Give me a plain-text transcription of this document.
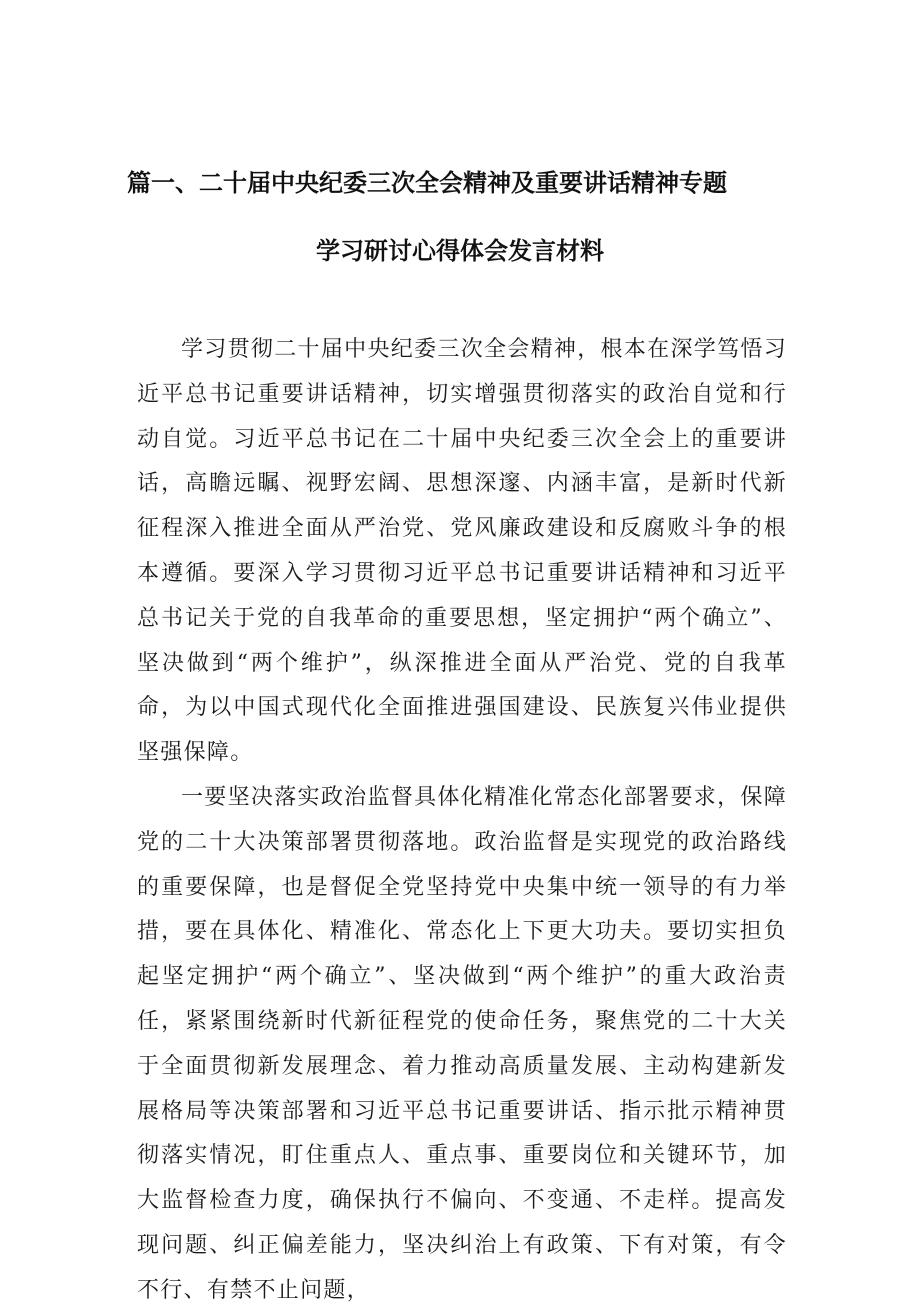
篇一、二十届中央纪委三次全会精神及重要讲话精神专题
学习研讨心得体会发言材料

学习贯彻二十届中央纪委三次全会精神，根本在深学笃悟习近平总书记重要讲话精神，切实增强贯彻落实的政治自觉和行动自觉。习近平总书记在二十届中央纪委三次全会上的重要讲话，高瞻远瞩、视野宏阔、思想深邃、内涵丰富，是新时代新征程深入推进全面从严治党、党风廉政建设和反腐败斗争的根本遵循。要深入学习贯彻习近平总书记重要讲话精神和习近平总书记关于党的自我革命的重要思想，坚定拥护“两个确立”、坚决做到“两个维护”，纵深推进全面从严治党、党的自我革命，为以中国式现代化全面推进强国建设、民族复兴伟业提供坚强保障。

一要坚决落实政治监督具体化精准化常态化部署要求，保障党的二十大决策部署贯彻落地。政治监督是实现党的政治路线的重要保障，也是督促全党坚持党中央集中统一领导的有力举措，要在具体化、精准化、常态化上下更大功夫。要切实担负起坚定拥护“两个确立”、坚决做到“两个维护”的重大政治责任，紧紧围绕新时代新征程党的使命任务，聚焦党的二十大关于全面贯彻新发展理念、着力推动高质量发展、主动构建新发展格局等决策部署和习近平总书记重要讲话、指示批示精神贯彻落实情况，盯住重点人、重点事、重要岗位和关键环节，加大监督检查力度，确保执行不偏向、不变通、不走样。提高发现问题、纠正偏差能力，坚决纠治上有政策、下有对策，有令不行、有禁不止问题，
